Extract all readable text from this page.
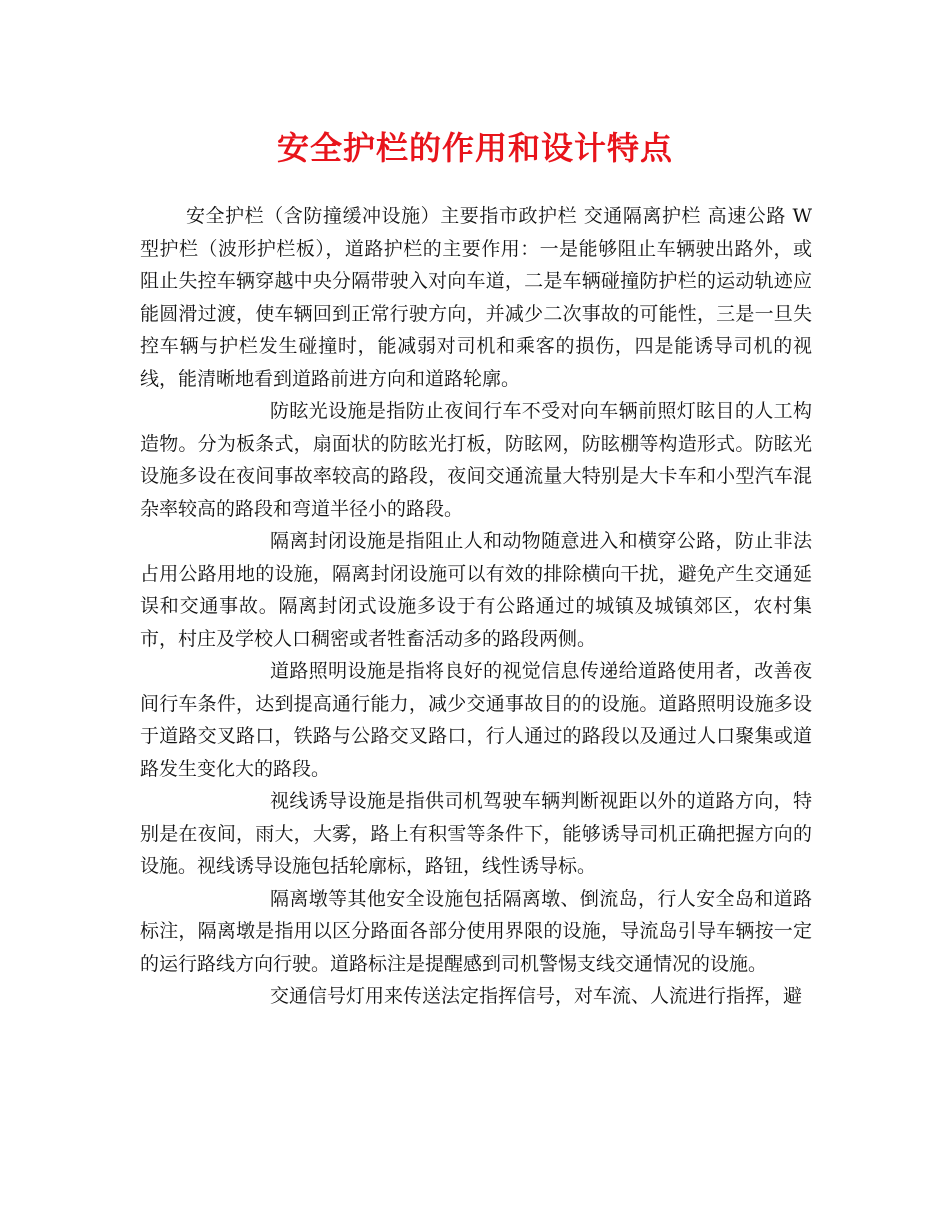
安全护栏的作用和设计特点

安全护栏（含防撞缓冲设施）主要指市政护栏 交通隔离护栏 高速公路 W 型护栏（波形护栏板），道路护栏的主要作用：一是能够阻止车辆驶出路外，或阻止失控车辆穿越中央分隔带驶入对向车道，二是车辆碰撞防护栏的运动轨迹应能圆滑过渡，使车辆回到正常行驶方向，并减少二次事故的可能性，三是一旦失控车辆与护栏发生碰撞时，能减弱对司机和乘客的损伤，四是能诱导司机的视线，能清晰地看到道路前进方向和道路轮廓。

防眩光设施是指防止夜间行车不受对向车辆前照灯眩目的人工构造物。分为板条式，扇面状的防眩光打板，防眩网，防眩棚等构造形式。防眩光设施多设在夜间事故率较高的路段，夜间交通流量大特别是大卡车和小型汽车混杂率较高的路段和弯道半径小的路段。

隔离封闭设施是指阻止人和动物随意进入和横穿公路，防止非法占用公路用地的设施，隔离封闭设施可以有效的排除横向干扰，避免产生交通延误和交通事故。隔离封闭式设施多设于有公路通过的城镇及城镇郊区，农村集市，村庄及学校人口稠密或者牲畜活动多的路段两侧。

道路照明设施是指将良好的视觉信息传递给道路使用者，改善夜间行车条件，达到提高通行能力，减少交通事故目的的设施。道路照明设施多设于道路交叉路口，铁路与公路交叉路口，行人通过的路段以及通过人口聚集或道路发生变化大的路段。

视线诱导设施是指供司机驾驶车辆判断视距以外的道路方向，特别是在夜间，雨大，大雾，路上有积雪等条件下，能够诱导司机正确把握方向的设施。视线诱导设施包括轮廓标，路钮，线性诱导标。

隔离墩等其他安全设施包括隔离墩、倒流岛，行人安全岛和道路标注，隔离墩是指用以区分路面各部分使用界限的设施，导流岛引导车辆按一定的运行路线方向行驶。道路标注是提醒感到司机警惕支线交通情况的设施。

交通信号灯用来传送法定指挥信号，对车流、人流进行指挥，避
